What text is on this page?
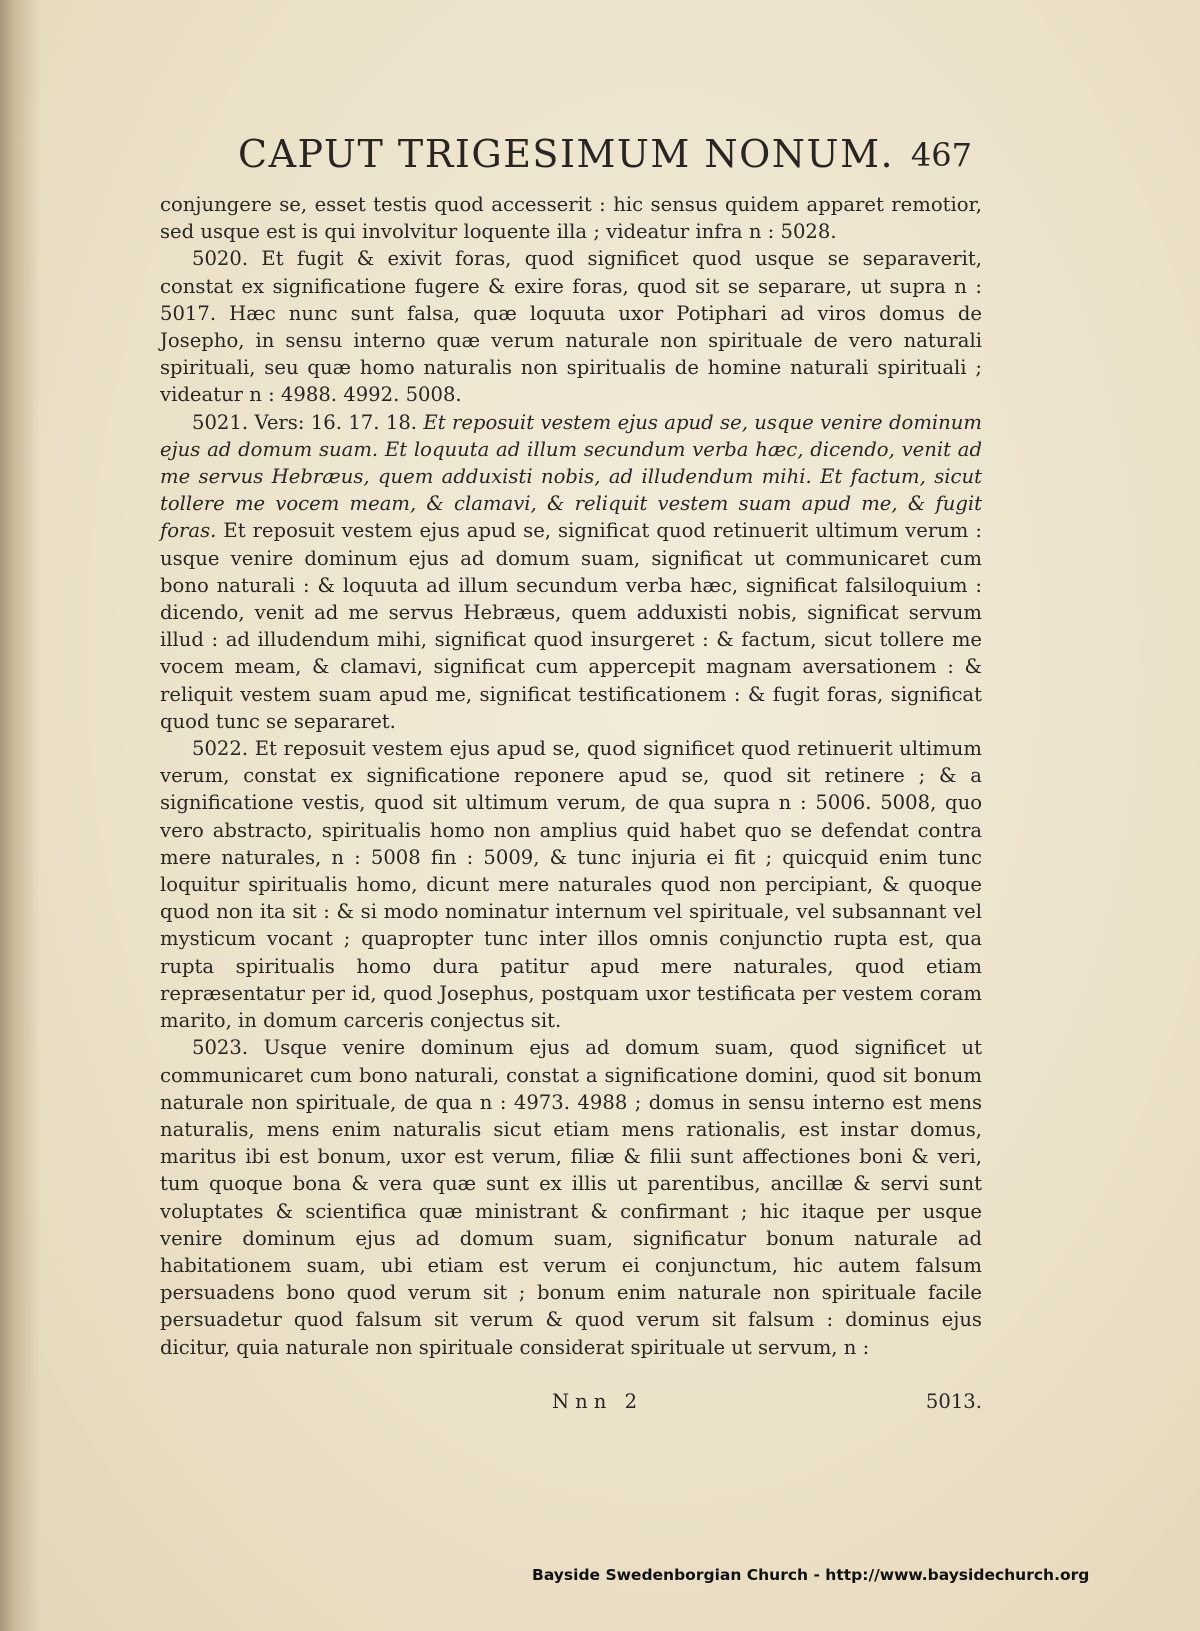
CAPUT TRIGESIMUM NONUM. 467

conjungere se, esset testis quod accesserit : hic sensus quidem apparet remotior, sed usque est is qui involvitur loquente illa ; videatur infra n : 5028.

5020. Et fugit & exivit foras, quod significet quod usque se separaverit, constat ex significatione fugere & exire foras, quod sit se separare, ut supra n : 5017. Hæc nunc sunt falsa, quæ loquuta uxor Potiphari ad viros domus de Josepho, in sensu interno quæ verum naturale non spirituale de vero naturali spirituali, seu quæ homo naturalis non spiritualis de homine naturali spirituali ; videatur n : 4988. 4992. 5008.

5021. Vers: 16. 17. 18. Et reposuit vestem ejus apud se, usque venire dominum ejus ad domum suam. Et loquuta ad illum secundum verba hæc, dicendo, venit ad me servus Hebræus, quem adduxisti nobis, ad illudendum mihi. Et factum, sicut tollere me vocem meam, & clamavi, & reliquit vestem suam apud me, & fugit foras. Et reposuit vestem ejus apud se, significat quod retinuerit ultimum verum : usque venire dominum ejus ad domum suam, significat ut communicaret cum bono naturali : & loquuta ad illum secundum verba hæc, significat falsiloquium : dicendo, venit ad me servus Hebræus, quem adduxisti nobis, significat servum illud : ad illudendum mihi, significat quod insurgeret : & factum, sicut tollere me vocem meam, & clamavi, significat cum appercepit magnam aversationem : & reliquit vestem suam apud me, significat testificationem : & fugit foras, significat quod tunc se separaret.

5022. Et reposuit vestem ejus apud se, quod significet quod retinuerit ultimum verum, constat ex significatione reponere apud se, quod sit retinere ; & a significatione vestis, quod sit ultimum verum, de qua supra n : 5006. 5008, quo vero abstracto, spiritualis homo non amplius quid habet quo se defendat contra mere naturales, n : 5008 fin : 5009, & tunc injuria ei fit ; quicquid enim tunc loquitur spiritualis homo, dicunt mere naturales quod non percipiant, & quoque quod non ita sit : & si modo nominatur internum vel spirituale, vel subsannant vel mysticum vocant ; quapropter tunc inter illos omnis conjunctio rupta est, qua rupta spiritualis homo dura patitur apud mere naturales, quod etiam repræsentatur per id, quod Josephus, postquam uxor testificata per vestem coram marito, in domum carceris conjectus sit.

5023. Usque venire dominum ejus ad domum suam, quod significet ut communicaret cum bono naturali, constat a significatione domini, quod sit bonum naturale non spirituale, de qua n : 4973. 4988 ; domus in sensu interno est mens naturalis, mens enim naturalis sicut etiam mens rationalis, est instar domus, maritus ibi est bonum, uxor est verum, filiæ & filii sunt affectiones boni & veri, tum quoque bona & vera quæ sunt ex illis ut parentibus, ancillæ & servi sunt voluptates & scientifica quæ ministrant & confirmant ; hic itaque per usque venire dominum ejus ad domum suam, significatur bonum naturale ad habitationem suam, ubi etiam est verum ei conjunctum, hic autem falsum persuadens bono quod verum sit ; bonum enim naturale non spirituale facile persuadetur quod falsum sit verum & quod verum sit falsum : dominus ejus dicitur, quia naturale non spirituale considerat spirituale ut servum, n :

Nnn 2	5013.
Bayside Swedenborgian Church - http://www.baysidechurch.org
